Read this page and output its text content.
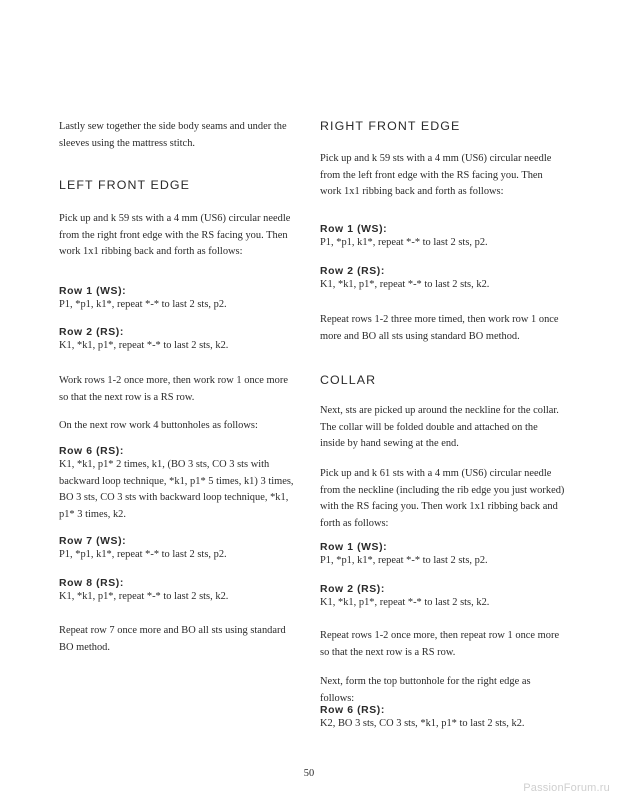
Lastly sew together the side body seams and under the sleeves using the mattress stitch.

LEFT FRONT EDGE

Pick up and k 59 sts with a 4 mm (US6) circular needle from the right front edge with the RS facing you. Then work 1x1 ribbing back and forth as follows:

Row 1 (WS):

P1, *p1, k1*, repeat *-* to last 2 sts, p2.

Row 2 (RS):

K1, *k1, p1*, repeat *-* to last 2 sts, k2.

Work rows 1-2 once more, then work row 1 once more so that the next row is a RS row.

On the next row work 4 buttonholes as follows:

Row 6 (RS):

K1, *k1, p1* 2 times, k1, (BO 3 sts, CO 3 sts with backward loop technique, *k1, p1* 5 times, k1) 3 times, BO 3 sts, CO 3 sts with backward loop technique, *k1, p1* 3 times, k2.

Row 7 (WS):

P1, *p1, k1*, repeat *-* to last 2 sts, p2.

Row 8 (RS):

K1, *k1, p1*, repeat *-* to last 2 sts, k2.

Repeat row 7 once more and BO all sts using standard BO method.

RIGHT FRONT EDGE

Pick up and k 59 sts with a 4 mm (US6) circular needle from the left front edge with the RS facing you. Then work 1x1 ribbing back and forth as follows:

Row 1 (WS):

P1, *p1, k1*, repeat *-* to last 2 sts, p2.

Row 2 (RS):

K1, *k1, p1*, repeat *-* to last 2 sts, k2.

Repeat rows 1-2 three more timed, then work row 1 once more and BO all sts using standard BO method.

COLLAR

Next, sts are picked up around the neckline for the collar. The collar will be folded double and attached on the inside by hand sewing at the end.

Pick up and k 61 sts with a 4 mm (US6) circular needle from the neckline (including the rib edge you just worked) with the RS facing you. Then work 1x1 ribbing back and forth as follows:

Row 1 (WS):

P1, *p1, k1*, repeat *-* to last 2 sts, p2.

Row 2 (RS):

K1, *k1, p1*, repeat *-* to last 2 sts, k2.

Repeat rows 1-2 once more, then repeat row 1 once more so that the next row is a RS row.

Next, form the top buttonhole for the right edge as follows:

Row 6 (RS):

K2, BO 3 sts, CO 3 sts, *k1, p1* to last 2 sts, k2.

50
PassionForum.ru
